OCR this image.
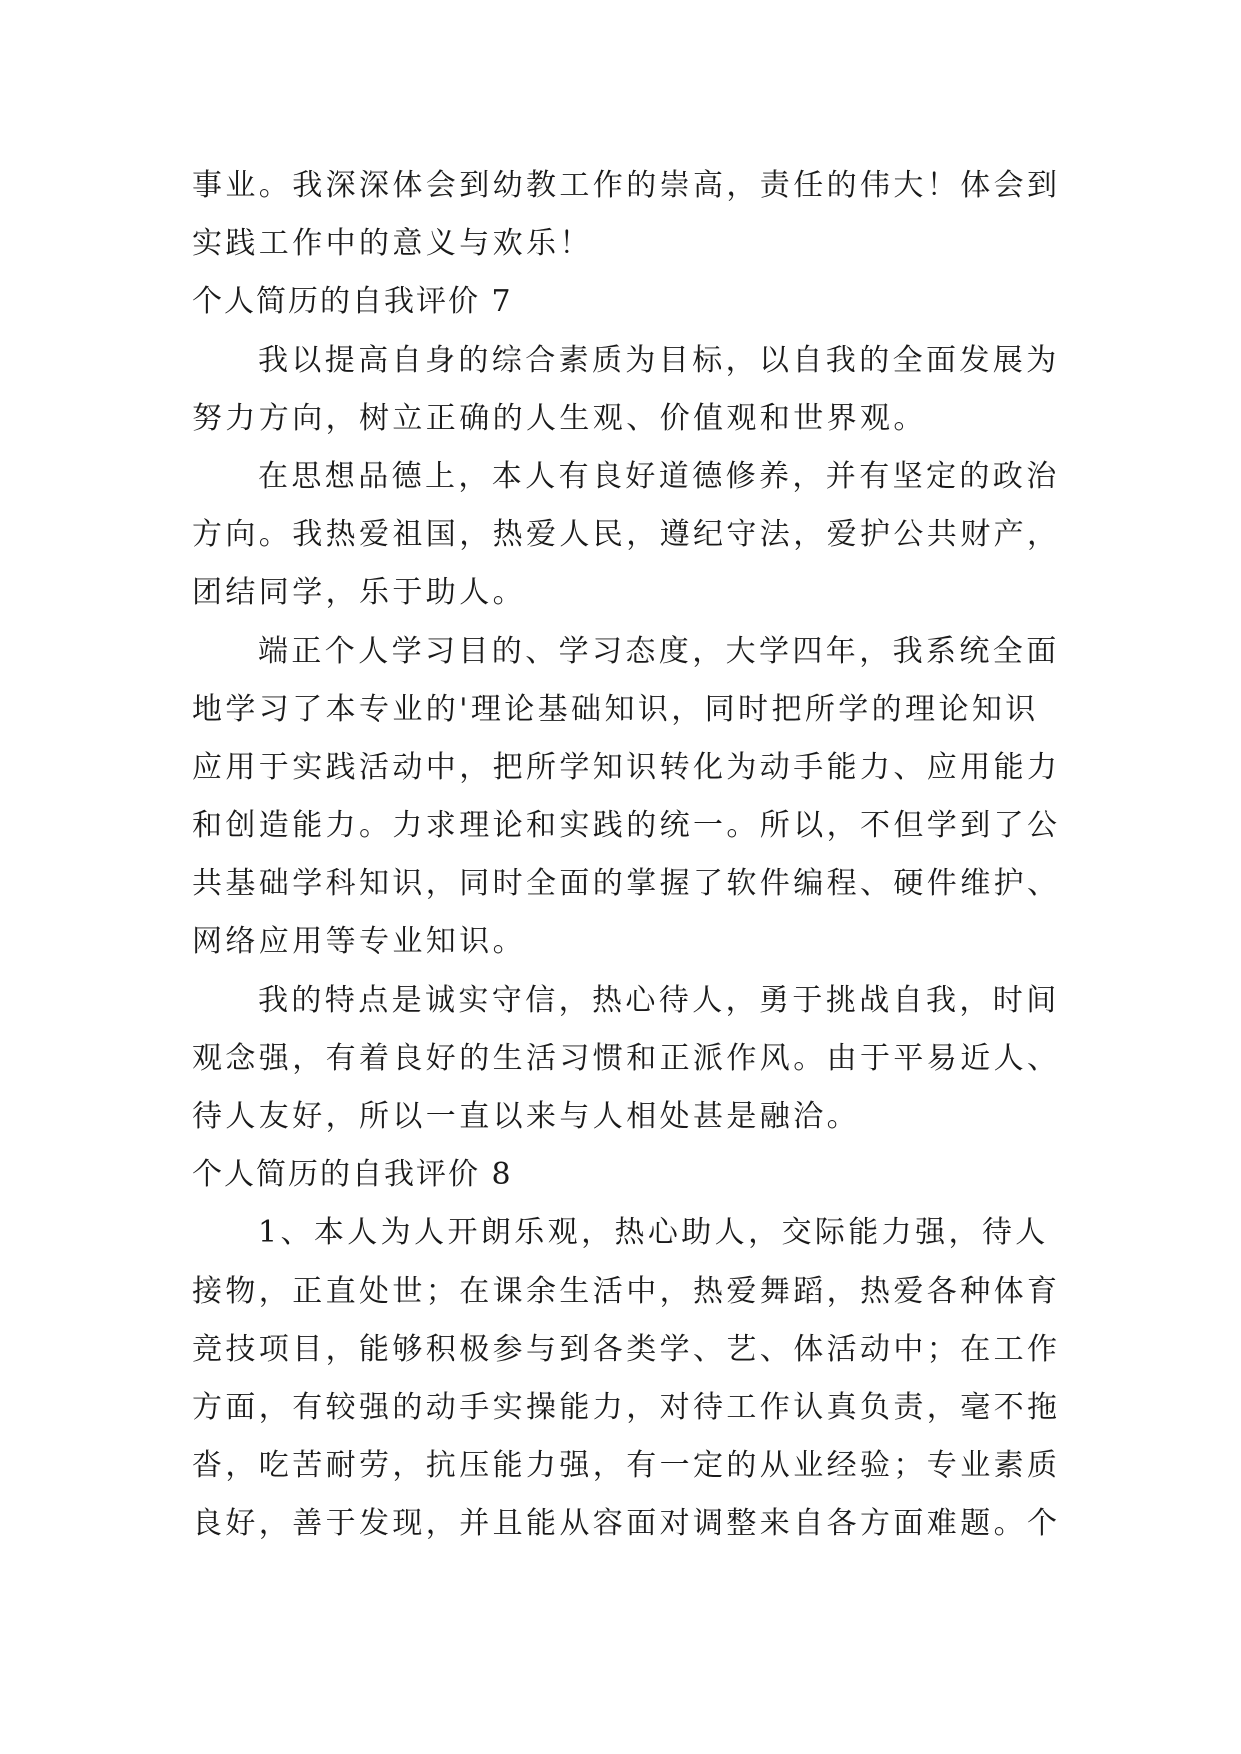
事业。我深深体会到幼教工作的崇高，责任的伟大！体会到
实践工作中的意义与欢乐！
个人简历的自我评价 7
我以提高自身的综合素质为目标，以自我的全面发展为
努力方向，树立正确的人生观、价值观和世界观。
在思想品德上，本人有良好道德修养，并有坚定的政治
方向。我热爱祖国，热爱人民，遵纪守法，爱护公共财产，
团结同学，乐于助人。
端正个人学习目的、学习态度，大学四年，我系统全面
地学习了本专业的'理论基础知识，同时把所学的理论知识
应用于实践活动中，把所学知识转化为动手能力、应用能力
和创造能力。力求理论和实践的统一。所以，不但学到了公
共基础学科知识，同时全面的掌握了软件编程、硬件维护、
网络应用等专业知识。
我的特点是诚实守信，热心待人，勇于挑战自我，时间
观念强，有着良好的生活习惯和正派作风。由于平易近人、
待人友好，所以一直以来与人相处甚是融洽。
个人简历的自我评价 8
1、本人为人开朗乐观，热心助人，交际能力强，待人
接物，正直处世；在课余生活中，热爱舞蹈，热爱各种体育
竞技项目，能够积极参与到各类学、艺、体活动中；在工作
方面，有较强的动手实操能力，对待工作认真负责，毫不拖
沓，吃苦耐劳，抗压能力强，有一定的从业经验；专业素质
良好，善于发现，并且能从容面对调整来自各方面难题。个
